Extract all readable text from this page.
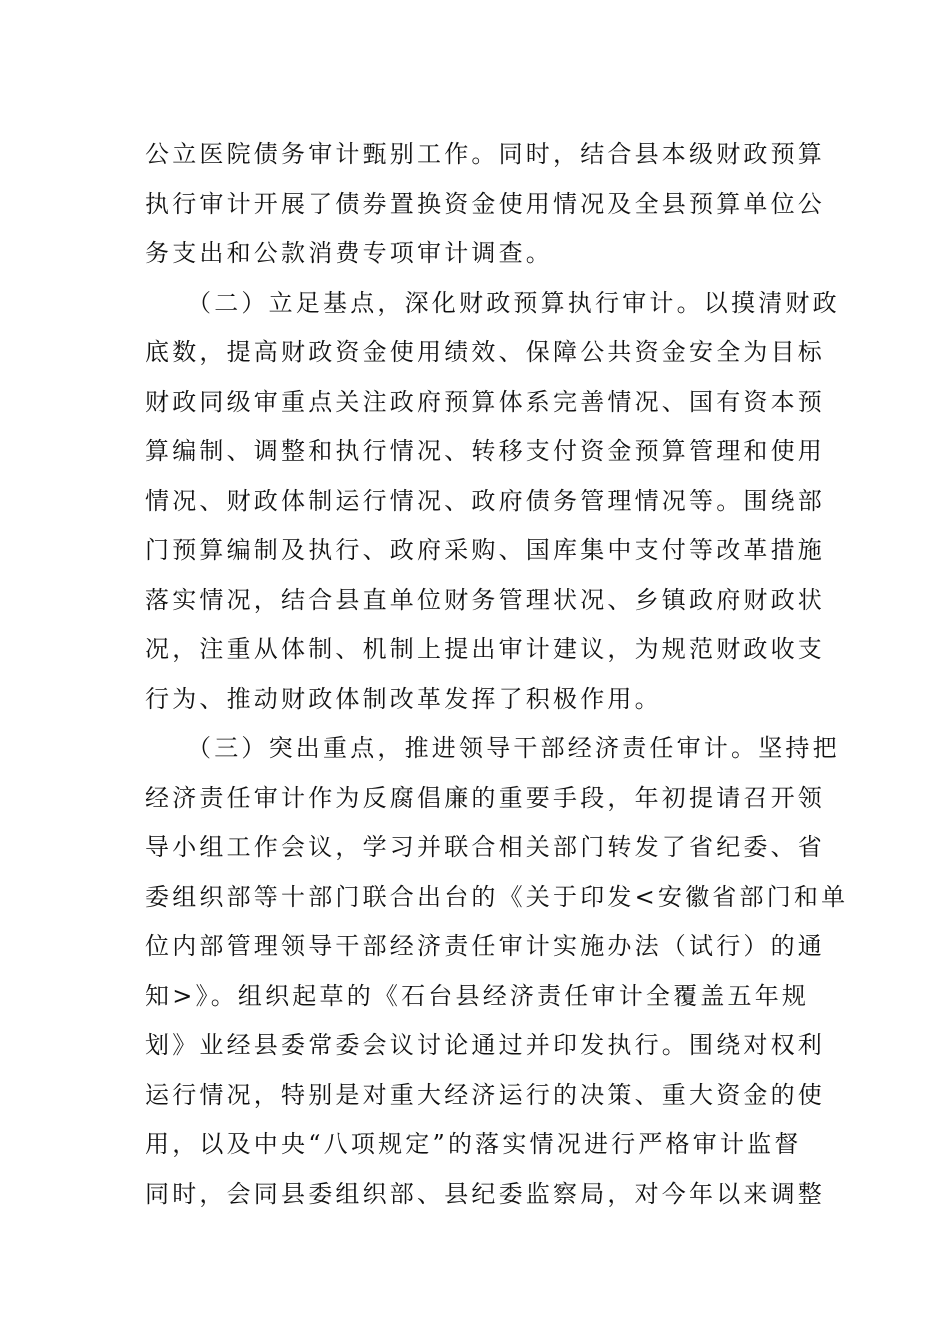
公立医院债务审计甄别工作。同时，结合县本级财政预算
执行审计开展了债券置换资金使用情况及全县预算单位公
务支出和公款消费专项审计调查。
（二）立足基点，深化财政预算执行审计。以摸清财政
底数，提高财政资金使用绩效、保障公共资金安全为目标
财政同级审重点关注政府预算体系完善情况、国有资本预
算编制、调整和执行情况、转移支付资金预算管理和使用
情况、财政体制运行情况、政府债务管理情况等。围绕部
门预算编制及执行、政府采购、国库集中支付等改革措施
落实情况，结合县直单位财务管理状况、乡镇政府财政状
况，注重从体制、机制上提出审计建议，为规范财政收支
行为、推动财政体制改革发挥了积极作用。
（三）突出重点，推进领导干部经济责任审计。坚持把
经济责任审计作为反腐倡廉的重要手段，年初提请召开领
导小组工作会议，学习并联合相关部门转发了省纪委、省
委组织部等十部门联合出台的《关于印发<安徽省部门和单
位内部管理领导干部经济责任审计实施办法（试行）的通
知>》。组织起草的《石台县经济责任审计全覆盖五年规
划》业经县委常委会议讨论通过并印发执行。围绕对权利
运行情况，特别是对重大经济运行的决策、重大资金的使
用，以及中央“八项规定”的落实情况进行严格审计监督
同时，会同县委组织部、县纪委监察局，对今年以来调整
